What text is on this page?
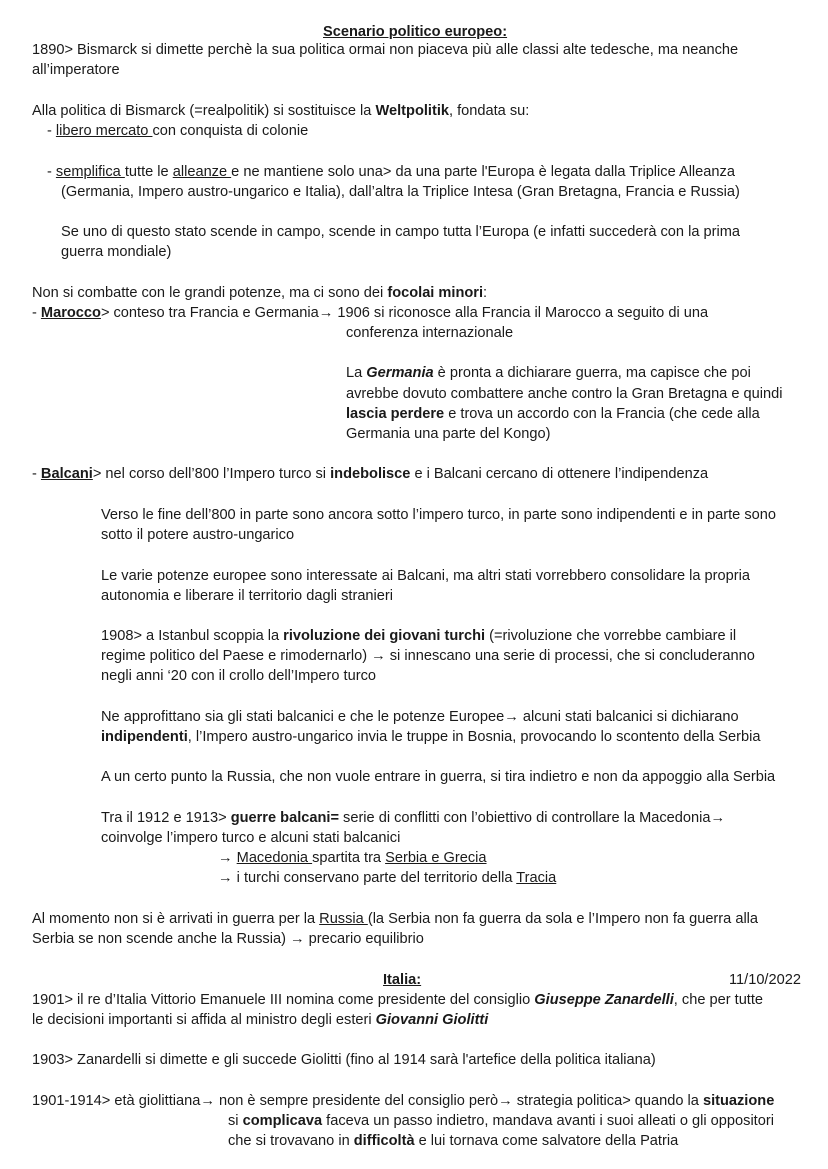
Scenario politico europeo:
1890> Bismarck si dimette perchè la sua politica ormai non piaceva più alle classi alte tedesche, ma neanche
all’imperatore
Alla politica di Bismarck (=realpolitik) si sostituisce la Weltpolitik, fondata su:
- libero mercato con conquista di colonie
- semplifica tutte le alleanze e ne mantiene solo una> da una parte l'Europa è legata dalla Triplice Alleanza
(Germania, Impero austro-ungarico e Italia), dall’altra la Triplice Intesa (Gran Bretagna, Francia e Russia)
Se uno di questo stato scende in campo, scende in campo tutta l’Europa (e infatti succederà con la prima
guerra mondiale)
Non si combatte con le grandi potenze, ma ci sono dei focolai minori:
- Marocco> conteso tra Francia e Germania→ 1906 si riconosce alla Francia il Marocco a seguito di una
conferenza internazionale
La Germania è pronta a dichiarare guerra, ma capisce che poi
avrebbe dovuto combattere anche contro la Gran Bretagna e quindi
lascia perdere e trova un accordo con la Francia (che cede alla
Germania una parte del Kongo)
- Balcani> nel corso dell’800 l’Impero turco si indebolisce e i Balcani cercano di ottenere l’indipendenza
Verso le fine dell’800 in parte sono ancora sotto l’impero turco, in parte sono indipendenti e in parte sono
sotto il potere austro-ungarico
Le varie potenze europee sono interessate ai Balcani, ma altri stati vorrebbero consolidare la propria
autonomia e liberare il territorio dagli stranieri
1908> a Istanbul scoppia la rivoluzione dei giovani turchi (=rivoluzione che vorrebbe cambiare il
regime politico del Paese e rimodernarlo) → si innescano una serie di processi, che si concluderanno
negli anni ‘20 con il crollo dell’Impero turco
Ne approfittano sia gli stati balcanici e che le potenze Europee→ alcuni stati balcanici si dichiarano
indipendenti, l’Impero austro-ungarico invia le truppe in Bosnia, provocando lo scontento della Serbia
A un certo punto la Russia, che non vuole entrare in guerra, si tira indietro e non da appoggio alla Serbia
Tra il 1912 e 1913> guerre balcani= serie di conflitti con l’obiettivo di controllare la Macedonia→
coinvolge l’impero turco e alcuni stati balcanici
→ Macedonia spartita tra Serbia e Grecia
→ i turchi conservano parte del territorio della Tracia
Al momento non si è arrivati in guerra per la Russia (la Serbia non fa guerra da sola e l’Impero non fa guerra alla
Serbia se non scende anche la Russia) → precario equilibrio
Italia:	11/10/2022
1901> il re d’Italia Vittorio Emanuele III nomina come presidente del consiglio Giuseppe Zanardelli, che per tutte
le decisioni importanti si affida al ministro degli esteri Giovanni Giolitti
1903> Zanardelli si dimette e gli succede Giolitti (fino al 1914 sarà l'artefice della politica italiana)
1901-1914> età giolittiana→ non è sempre presidente del consiglio però→ strategia politica> quando la situazione
si complicava faceva un passo indietro, mandava avanti i suoi alleati o gli oppositori
che si trovavano in difficoltà e lui tornava come salvatore della Patria
